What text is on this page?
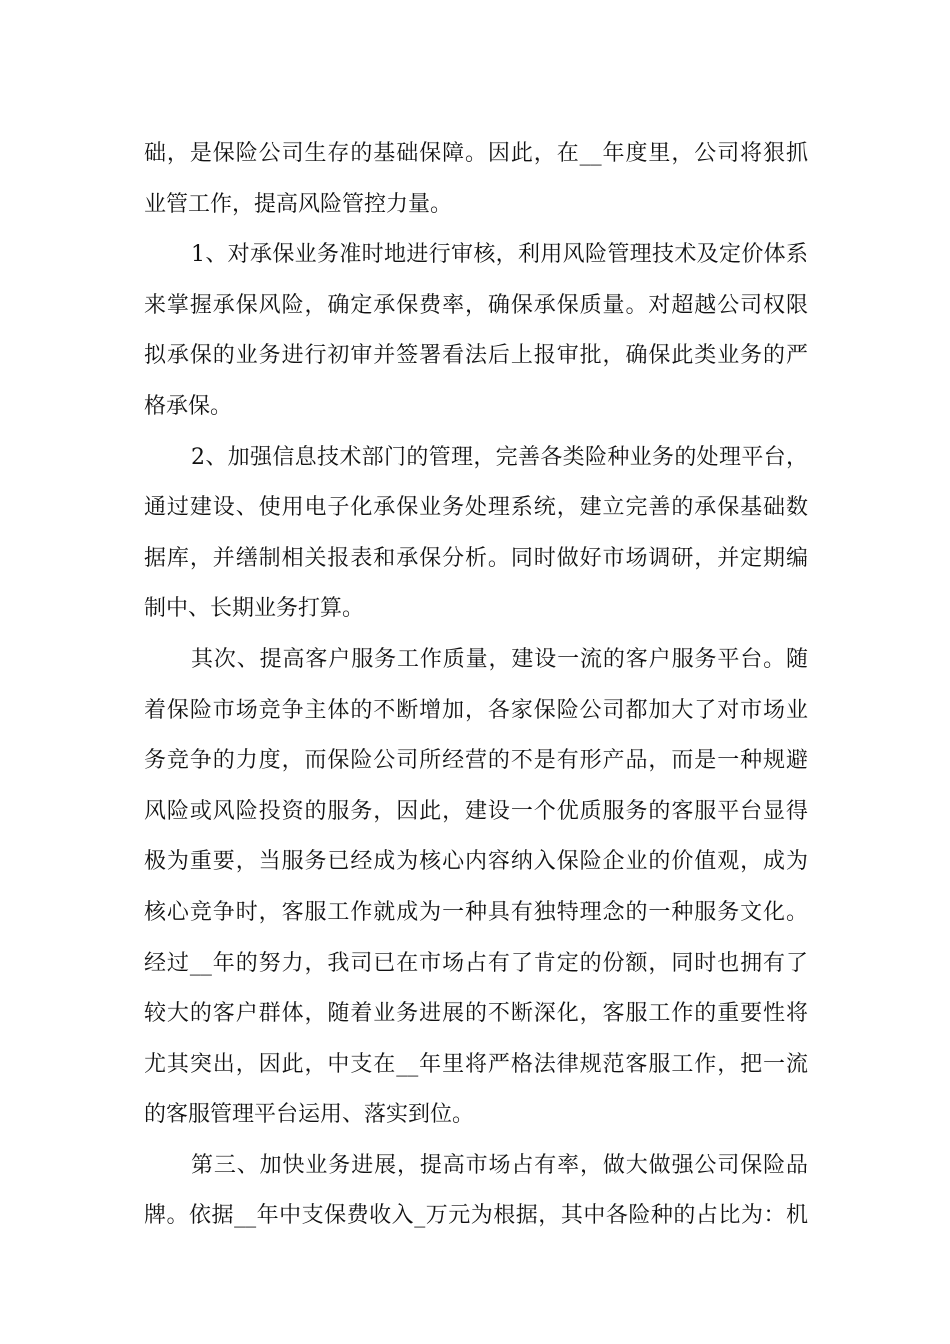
础，是保险公司生存的基础保障。因此，在__年度里，公司将狠抓

业管工作，提高风险管控力量。

1、对承保业务准时地进行审核，利用风险管理技术及定价体系

来掌握承保风险，确定承保费率，确保承保质量。对超越公司权限

拟承保的业务进行初审并签署看法后上报审批，确保此类业务的严

格承保。

2、加强信息技术部门的管理，完善各类险种业务的处理平台，

通过建设、使用电子化承保业务处理系统，建立完善的承保基础数

据库，并缮制相关报表和承保分析。同时做好市场调研，并定期编

制中、长期业务打算。

其次、提高客户服务工作质量，建设一流的客户服务平台。随

着保险市场竞争主体的不断增加，各家保险公司都加大了对市场业

务竞争的力度，而保险公司所经营的不是有形产品，而是一种规避

风险或风险投资的服务，因此，建设一个优质服务的客服平台显得

极为重要，当服务已经成为核心内容纳入保险企业的价值观，成为

核心竞争时，客服工作就成为一种具有独特理念的一种服务文化。

经过__年的努力，我司已在市场占有了肯定的份额，同时也拥有了

较大的客户群体，随着业务进展的不断深化，客服工作的重要性将

尤其突出，因此，中支在__年里将严格法律规范客服工作，把一流

的客服管理平台运用、落实到位。

第三、加快业务进展，提高市场占有率，做大做强公司保险品

牌。依据__年中支保费收入_万元为根据，其中各险种的占比为：机
